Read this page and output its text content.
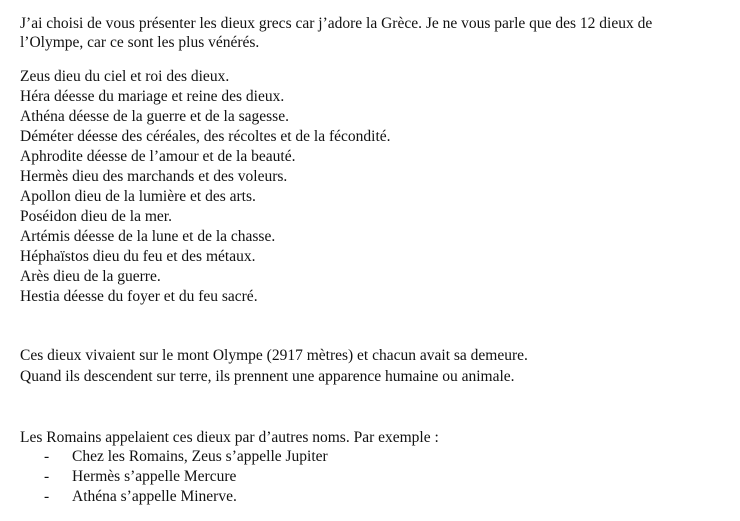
J’ai choisi de vous présenter les dieux grecs car j’adore la Grèce. Je ne vous parle que des 12 dieux de
l’Olympe, car ce sont les plus vénérés.
Zeus dieu du ciel et roi des dieux.
Héra déesse du mariage et reine des dieux.
Athéna déesse de la guerre et de la sagesse.
Déméter déesse des céréales, des récoltes et de la fécondité.
Aphrodite déesse de l’amour et de la beauté.
Hermès dieu des marchands et des voleurs.
Apollon dieu de la lumière et des arts.
Poséidon dieu de la mer.
Artémis déesse de la lune et de la chasse.
Héphaïstos dieu du feu et des métaux.
Arès dieu de la guerre.
Hestia déesse du foyer et du feu sacré.
Ces dieux vivaient sur le mont Olympe (2917 mètres) et chacun avait sa demeure.
Quand ils descendent sur terre, ils prennent une apparence humaine ou animale.
Les Romains appelaient ces dieux par d’autres noms. Par exemple :
- Chez les Romains, Zeus s’appelle Jupiter
- Hermès s’appelle Mercure
- Athéna s’appelle Minerve.
